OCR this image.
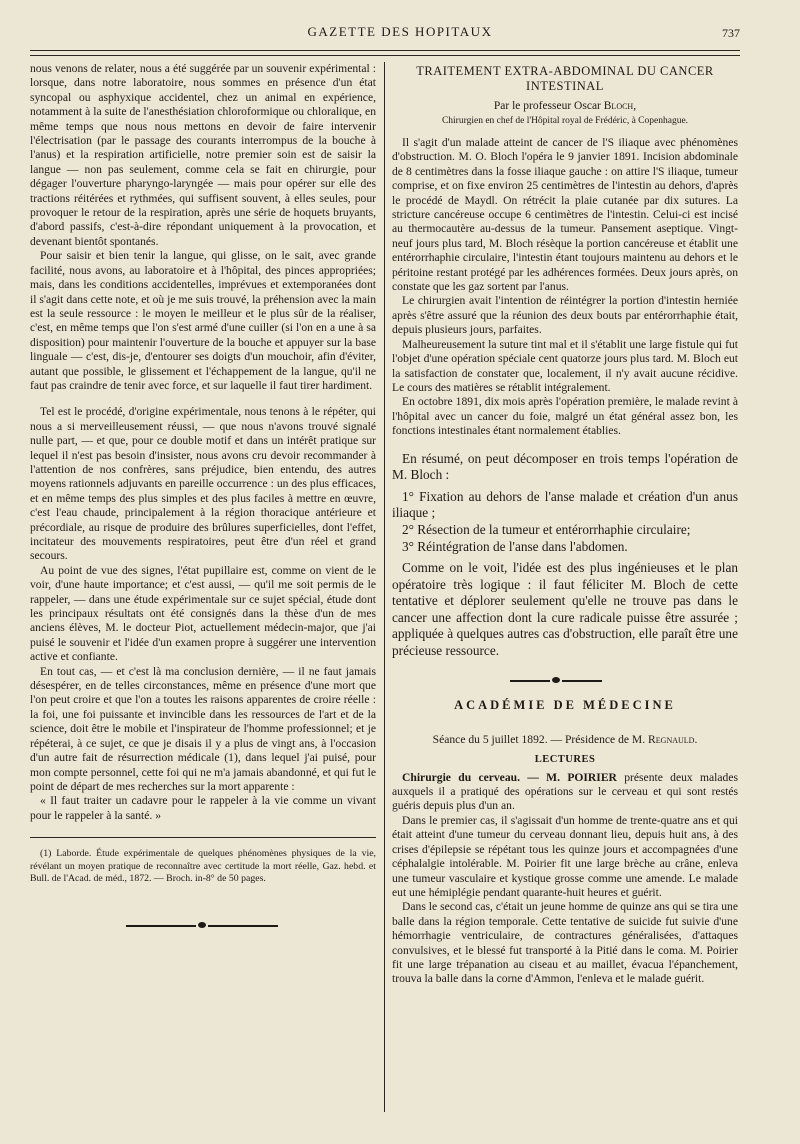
GAZETTE DES HOPITAUX	737

nous venons de relater, nous a été suggérée par un souvenir expérimental : lorsque, dans notre laboratoire, nous sommes en présence d'un état syncopal ou asphyxique accidentel, chez un animal en expérience, notamment à la suite de l'anesthésiation chloroformique ou chloralique, en même temps que nous nous mettons en devoir de faire intervenir l'électrisation (par le passage des courants interrompus de la bouche à l'anus) et la respiration artificielle, notre premier soin est de saisir la langue — non pas seulement, comme cela se fait en chirurgie, pour dégager l'ouverture pharyngo-laryngée — mais pour opérer sur elle des tractions réitérées et rythmées, qui suffisent souvent, à elles seules, pour provoquer le retour de la respiration, après une série de hoquets bruyants, d'abord passifs, c'est-à-dire répondant uniquement à la provocation, et devenant bientôt spontanés.

Pour saisir et bien tenir la langue, qui glisse, on le sait, avec grande facilité, nous avons, au laboratoire et à l'hôpital, des pinces appropriées; mais, dans les conditions accidentelles, imprévues et extemporanées dont il s'agit dans cette note, et où je me suis trouvé, la préhension avec la main est la seule ressource : le moyen le meilleur et le plus sûr de la réaliser, c'est, en même temps que l'on s'est armé d'une cuiller (si l'on en a une à sa disposition) pour maintenir l'ouverture de la bouche et appuyer sur la base linguale — c'est, dis-je, d'entourer ses doigts d'un mouchoir, afin d'éviter, autant que possible, le glissement et l'échappement de la langue, qu'il ne faut pas craindre de tenir avec force, et sur laquelle il faut tirer hardiment.

Tel est le procédé, d'origine expérimentale, nous tenons à le répéter, qui nous a si merveilleusement réussi, — que nous n'avons trouvé signalé nulle part, — et que, pour ce double motif et dans un intérêt pratique sur lequel il n'est pas besoin d'insister, nous avons cru devoir recommander à l'attention de nos confrères, sans préjudice, bien entendu, des autres moyens rationnels adjuvants en pareille occurrence : un des plus efficaces, et en même temps des plus simples et des plus faciles à mettre en œuvre, c'est l'eau chaude, principalement à la région thoracique antérieure et précordiale, au risque de produire des brûlures superficielles, dont l'effet, incitateur des mouvements respiratoires, peut être d'un réel et grand secours.

Au point de vue des signes, l'état pupillaire est, comme on vient de le voir, d'une haute importance; et c'est aussi, — qu'il me soit permis de le rappeler, — dans une étude expérimentale sur ce sujet spécial, étude dont les principaux résultats ont été consignés dans la thèse d'un de mes anciens élèves, M. le docteur Piot, actuellement médecin-major, que j'ai puisé le souvenir et l'idée d'un examen propre à suggérer une intervention active et confiante.

En tout cas, — et c'est là ma conclusion dernière, — il ne faut jamais désespérer, en de telles circonstances, même en présence d'une mort que l'on peut croire et que l'on a toutes les raisons apparentes de croire réelle : la foi, une foi puissante et invincible dans les ressources de l'art et de la science, doit être le mobile et l'inspirateur de l'homme professionnel; et je répéterai, à ce sujet, ce que je disais il y a plus de vingt ans, à l'occasion d'un autre fait de résurrection médicale (1), dans lequel j'ai puisé, pour mon compte personnel, cette foi qui ne m'a jamais abandonné, et qui fut le point de départ de mes recherches sur la mort apparente :

« Il faut traiter un cadavre pour le rappeler à la vie comme un vivant pour le rappeler à la santé. »

(1) Laborde. Étude expérimentale de quelques phénomènes physiques de la vie, révélant un moyen pratique de reconnaître avec certitude la mort réelle, Gaz. hebd. et Bull. de l'Acad. de méd., 1872. — Broch. in-8° de 50 pages.

TRAITEMENT EXTRA-ABDOMINAL DU CANCER INTESTINAL
Par le professeur Oscar Bloch,
Chirurgien en chef de l'Hôpital royal de Frédéric, à Copenhague.

Il s'agit d'un malade atteint de cancer de l'S iliaque avec phénomènes d'obstruction. M. O. Bloch l'opéra le 9 janvier 1891. Incision abdominale de 8 centimètres dans la fosse iliaque gauche : on attire l'S iliaque, tumeur comprise, et on fixe environ 25 centimètres de l'intestin au dehors, d'après le procédé de Maydl. On rétrécit la plaie cutanée par dix sutures. La stricture cancéreuse occupe 6 centimètres de l'intestin. Celui-ci est incisé au thermocautère au-dessus de la tumeur. Pansement aseptique. Vingt-neuf jours plus tard, M. Bloch résèque la portion cancéreuse et établit une entérorrhaphie circulaire, l'intestin étant toujours maintenu au dehors et le péritoine restant protégé par les adhérences formées. Deux jours après, on constate que les gaz sortent par l'anus.

Le chirurgien avait l'intention de réintégrer la portion d'intestin herniée après s'être assuré que la réunion des deux bouts par entérorrhaphie était, depuis plusieurs jours, parfaites.

Malheureusement la suture tint mal et il s'établit une large fistule qui fut l'objet d'une opération spéciale cent quatorze jours plus tard. M. Bloch eut la satisfaction de constater que, localement, il n'y avait aucune récidive. Le cours des matières se rétablit intégralement.

En octobre 1891, dix mois après l'opération première, le malade revint à l'hôpital avec un cancer du foie, malgré un état général assez bon, les fonctions intestinales étant normalement établies.

En résumé, on peut décomposer en trois temps l'opération de M. Bloch :

1° Fixation au dehors de l'anse malade et création d'un anus iliaque ;

2° Résection de la tumeur et entérorrhaphie circulaire;

3° Réintégration de l'anse dans l'abdomen.

Comme on le voit, l'idée est des plus ingénieuses et le plan opératoire très logique : il faut féliciter M. Bloch de cette tentative et déplorer seulement qu'elle ne trouve pas dans le cancer une affection dont la cure radicale puisse être assurée ; appliquée à quelques autres cas d'obstruction, elle paraît être une précieuse ressource.

ACADÉMIE DE MÉDECINE
Séance du 5 juillet 1892. — Présidence de M. Regnauld.
LECTURES

Chirurgie du cerveau. — M. POIRIER présente deux malades auxquels il a pratiqué des opérations sur le cerveau et qui sont restés guéris depuis plus d'un an.

Dans le premier cas, il s'agissait d'un homme de trente-quatre ans et qui était atteint d'une tumeur du cerveau donnant lieu, depuis huit ans, à des crises d'épilepsie se répétant tous les quinze jours et accompagnées d'une céphalalgie intolérable. M. Poirier fit une large brèche au crâne, enleva une tumeur vasculaire et kystique grosse comme une amende. Le malade eut une hémiplégie pendant quarante-huit heures et guérit.

Dans le second cas, c'était un jeune homme de quinze ans qui se tira une balle dans la région temporale. Cette tentative de suicide fut suivie d'une hémorrhagie ventriculaire, de contractures généralisées, d'attaques convulsives, et le blessé fut transporté à la Pitié dans le coma. M. Poirier fit une large trépanation au ciseau et au maillet, évacua l'épanchement, trouva la balle dans la corne d'Ammon, l'enleva et le malade guérit.
